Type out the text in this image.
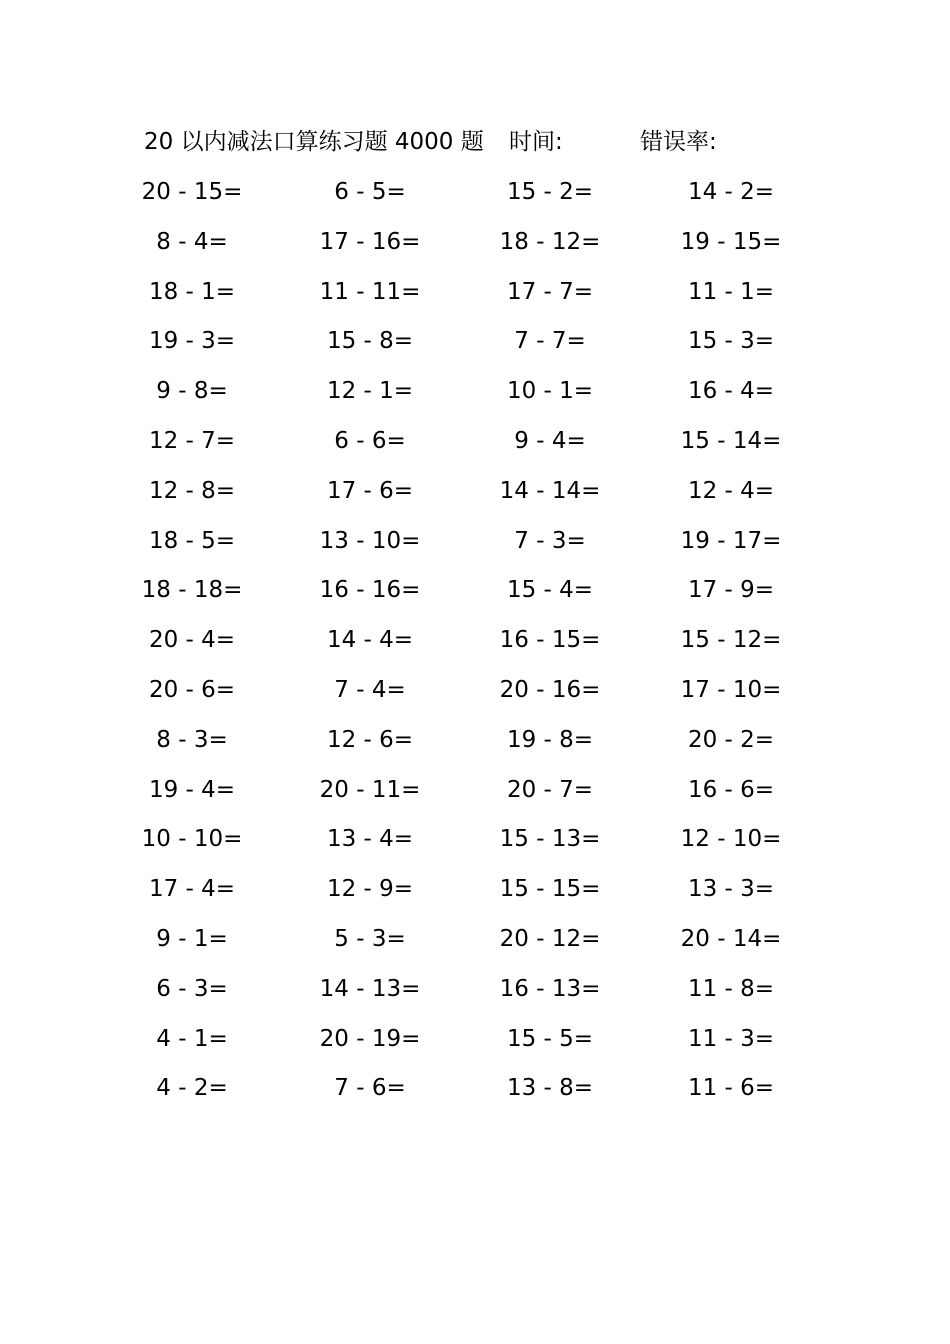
20 以内减法口算练习题 4000 题 时间:	错误率:
20 - 15=	6 - 5=	15 - 2=	14 - 2=
8 - 4=	17 - 16=	18 - 12=	19 - 15=
18 - 1=	11 - 11=	17 - 7=	11 - 1=
19 - 3=	15 - 8=	7 - 7=	15 - 3=
9 - 8=	12 - 1=	10 - 1=	16 - 4=
12 - 7=	6 - 6=	9 - 4=	15 - 14=
12 - 8=	17 - 6=	14 - 14=	12 - 4=
18 - 5=	13 - 10=	7 - 3=	19 - 17=
18 - 18=	16 - 16=	15 - 4=	17 - 9=
20 - 4=	14 - 4=	16 - 15=	15 - 12=
20 - 6=	7 - 4=	20 - 16=	17 - 10=
8 - 3=	12 - 6=	19 - 8=	20 - 2=
19 - 4=	20 - 11=	20 - 7=	16 - 6=
10 - 10=	13 - 4=	15 - 13=	12 - 10=
17 - 4=	12 - 9=	15 - 15=	13 - 3=
9 - 1=	5 - 3=	20 - 12=	20 - 14=
6 - 3=	14 - 13=	16 - 13=	11 - 8=
4 - 1=	20 - 19=	15 - 5=	11 - 3=
4 - 2=	7 - 6=	13 - 8=	11 - 6=
